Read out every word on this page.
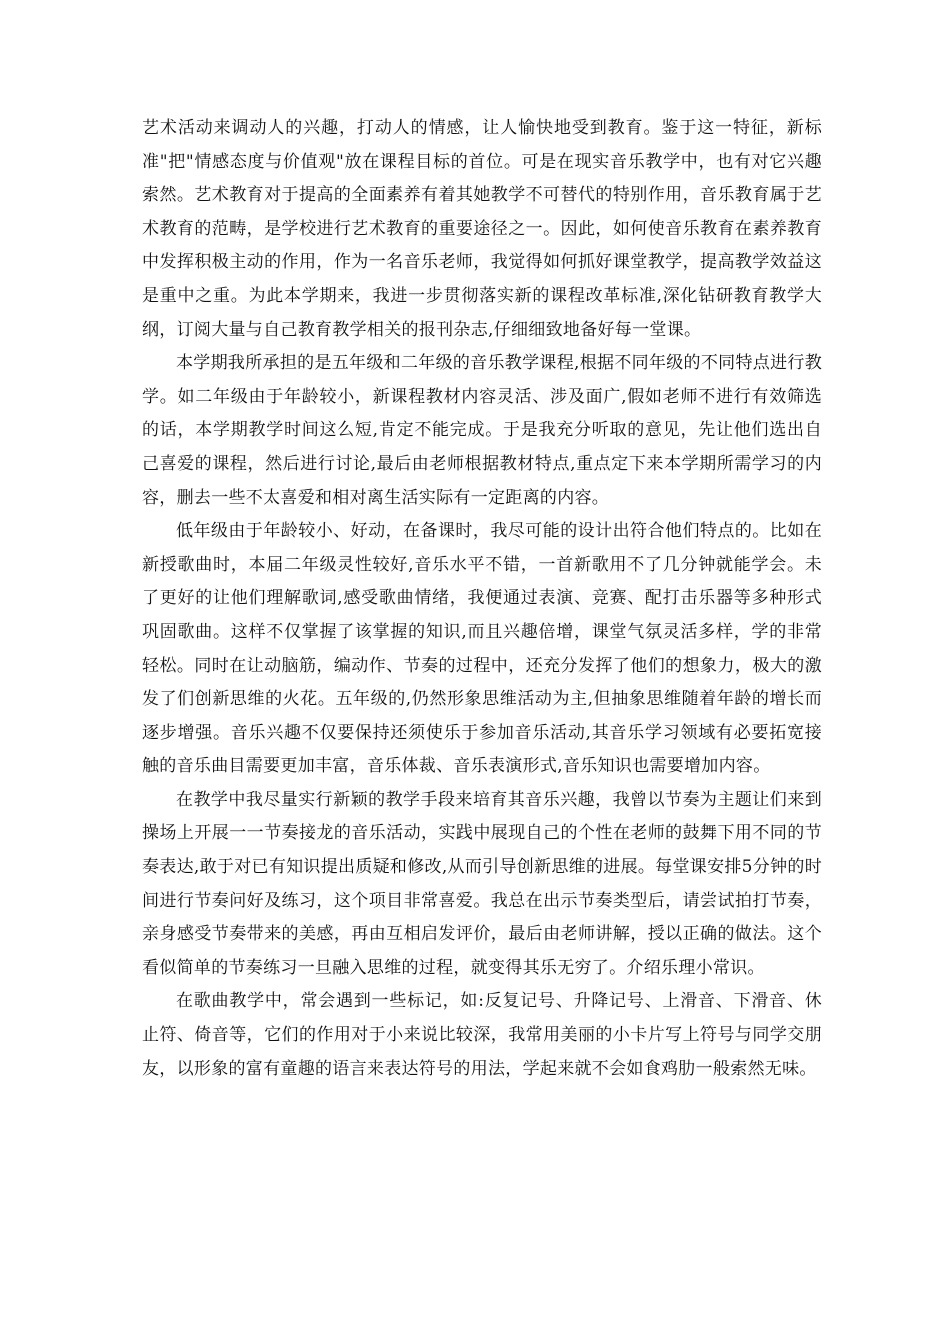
艺术活动来调动人的兴趣，打动人的情感，让人愉快地受到教育。鉴于这一特征，新标准"把"情感态度与价值观"放在课程目标的首位。可是在现实音乐教学中，也有对它兴趣索然。艺术教育对于提高的全面素养有着其她教学不可替代的特别作用，音乐教育属于艺术教育的范畴，是学校进行艺术教育的重要途径之一。因此，如何使音乐教育在素养教育中发挥积极主动的作用，作为一名音乐老师，我觉得如何抓好课堂教学，提高教学效益这是重中之重。为此本学期来，我进一步贯彻落实新的课程改革标准,深化钻研教育教学大纲，订阅大量与自己教育教学相关的报刊杂志,仔细细致地备好每一堂课。

本学期我所承担的是五年级和二年级的音乐教学课程,根据不同年级的不同特点进行教学。如二年级由于年龄较小，新课程教材内容灵活、涉及面广,假如老师不进行有效筛选的话，本学期教学时间这么短,肯定不能完成。于是我充分听取的意见，先让他们选出自己喜爱的课程，然后进行讨论,最后由老师根据教材特点,重点定下来本学期所需学习的内容，删去一些不太喜爱和相对离生活实际有一定距离的内容。

低年级由于年龄较小、好动，在备课时，我尽可能的设计出符合他们特点的。比如在新授歌曲时，本届二年级灵性较好,音乐水平不错，一首新歌用不了几分钟就能学会。未了更好的让他们理解歌词,感受歌曲情绪，我便通过表演、竞赛、配打击乐器等多种形式巩固歌曲。这样不仅掌握了该掌握的知识,而且兴趣倍增，课堂气氛灵活多样，学的非常轻松。同时在让动脑筋，编动作、节奏的过程中，还充分发挥了他们的想象力，极大的激发了们创新思维的火花。五年级的,仍然形象思维活动为主,但抽象思维随着年龄的增长而逐步增强。音乐兴趣不仅要保持还须使乐于参加音乐活动,其音乐学习领域有必要拓宽接触的音乐曲目需要更加丰富，音乐体裁、音乐表演形式,音乐知识也需要增加内容。

在教学中我尽量实行新颖的教学手段来培育其音乐兴趣，我曾以节奏为主题让们来到操场上开展一一节奏接龙的音乐活动，实践中展现自己的个性在老师的鼓舞下用不同的节奏表达,敢于对已有知识提出质疑和修改,从而引导创新思维的进展。每堂课安排5分钟的时间进行节奏问好及练习，这个项目非常喜爱。我总在出示节奏类型后，请尝试拍打节奏，亲身感受节奏带来的美感，再由互相启发评价，最后由老师讲解，授以正确的做法。这个看似简单的节奏练习一旦融入思维的过程，就变得其乐无穷了。介绍乐理小常识。

在歌曲教学中，常会遇到一些标记，如:反复记号、升降记号、上滑音、下滑音、休止符、倚音等，它们的作用对于小来说比较深，我常用美丽的小卡片写上符号与同学交朋友，以形象的富有童趣的语言来表达符号的用法，学起来就不会如食鸡肋一般索然无味。
